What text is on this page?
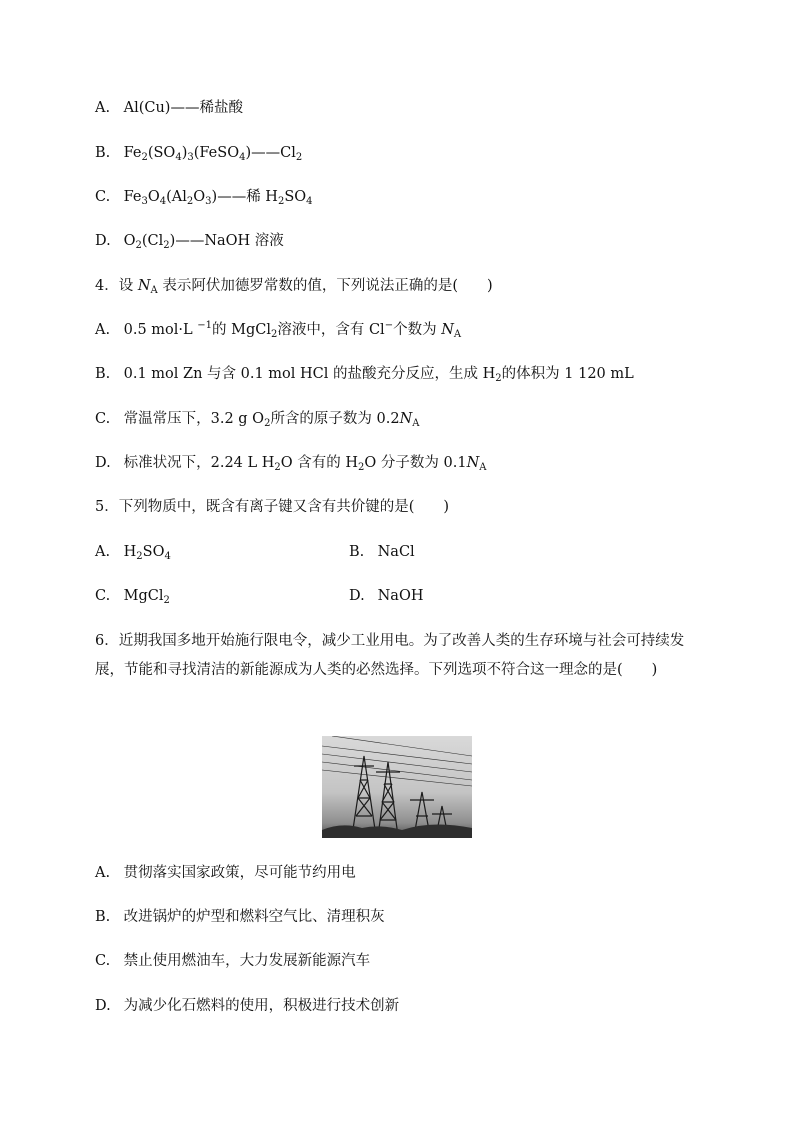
A. Al(Cu)——稀盐酸
B. $Fe_2(SO_4)_3(FeSO_4)——Cl_2$
C. $Fe_3O_4(Al_2O_3)——$稀 $H_2SO_4$
D. $O_2(Cl_2)——NaOH$ 溶液
4．设 $N_A$ 表示阿伏加德罗常数的值，下列说法正确的是(　　)
A. 0.5 mol·L $^{-1}$的 MgCl$_2$溶液中，含有 Cl−个数为 $N_A$
B. 0.1 mol Zn 与含 0.1 mol HCl 的盐酸充分反应，生成 $H_2$的体积为 1 120 mL
C. 常温常压下，3.2 g $O_2$所含的原子数为 $0.2N_A$
D. 标准状况下，2.24 L $H_2O$ 含有的 $H_2O$ 分子数为 $0.1N_A$
5．下列物质中，既含有离子键又含有共价键的是(　　)
A. $H_2SO_4$	B. NaCl
C. MgCl$_2$	D. NaOH
6．近期我国多地开始施行限电令，减少工业用电。为了改善人类的生存环境与社会可持续发展，节能和寻找清洁的新能源成为人类的必然选择。下列选项不符合这一理念的是(　　)
A. 贯彻落实国家政策，尽可能节约用电
B. 改进锅炉的炉型和燃料空气比、清理积灰
C. 禁止使用燃油车，大力发展新能源汽车
D. 为减少化石燃料的使用，积极进行技术创新
